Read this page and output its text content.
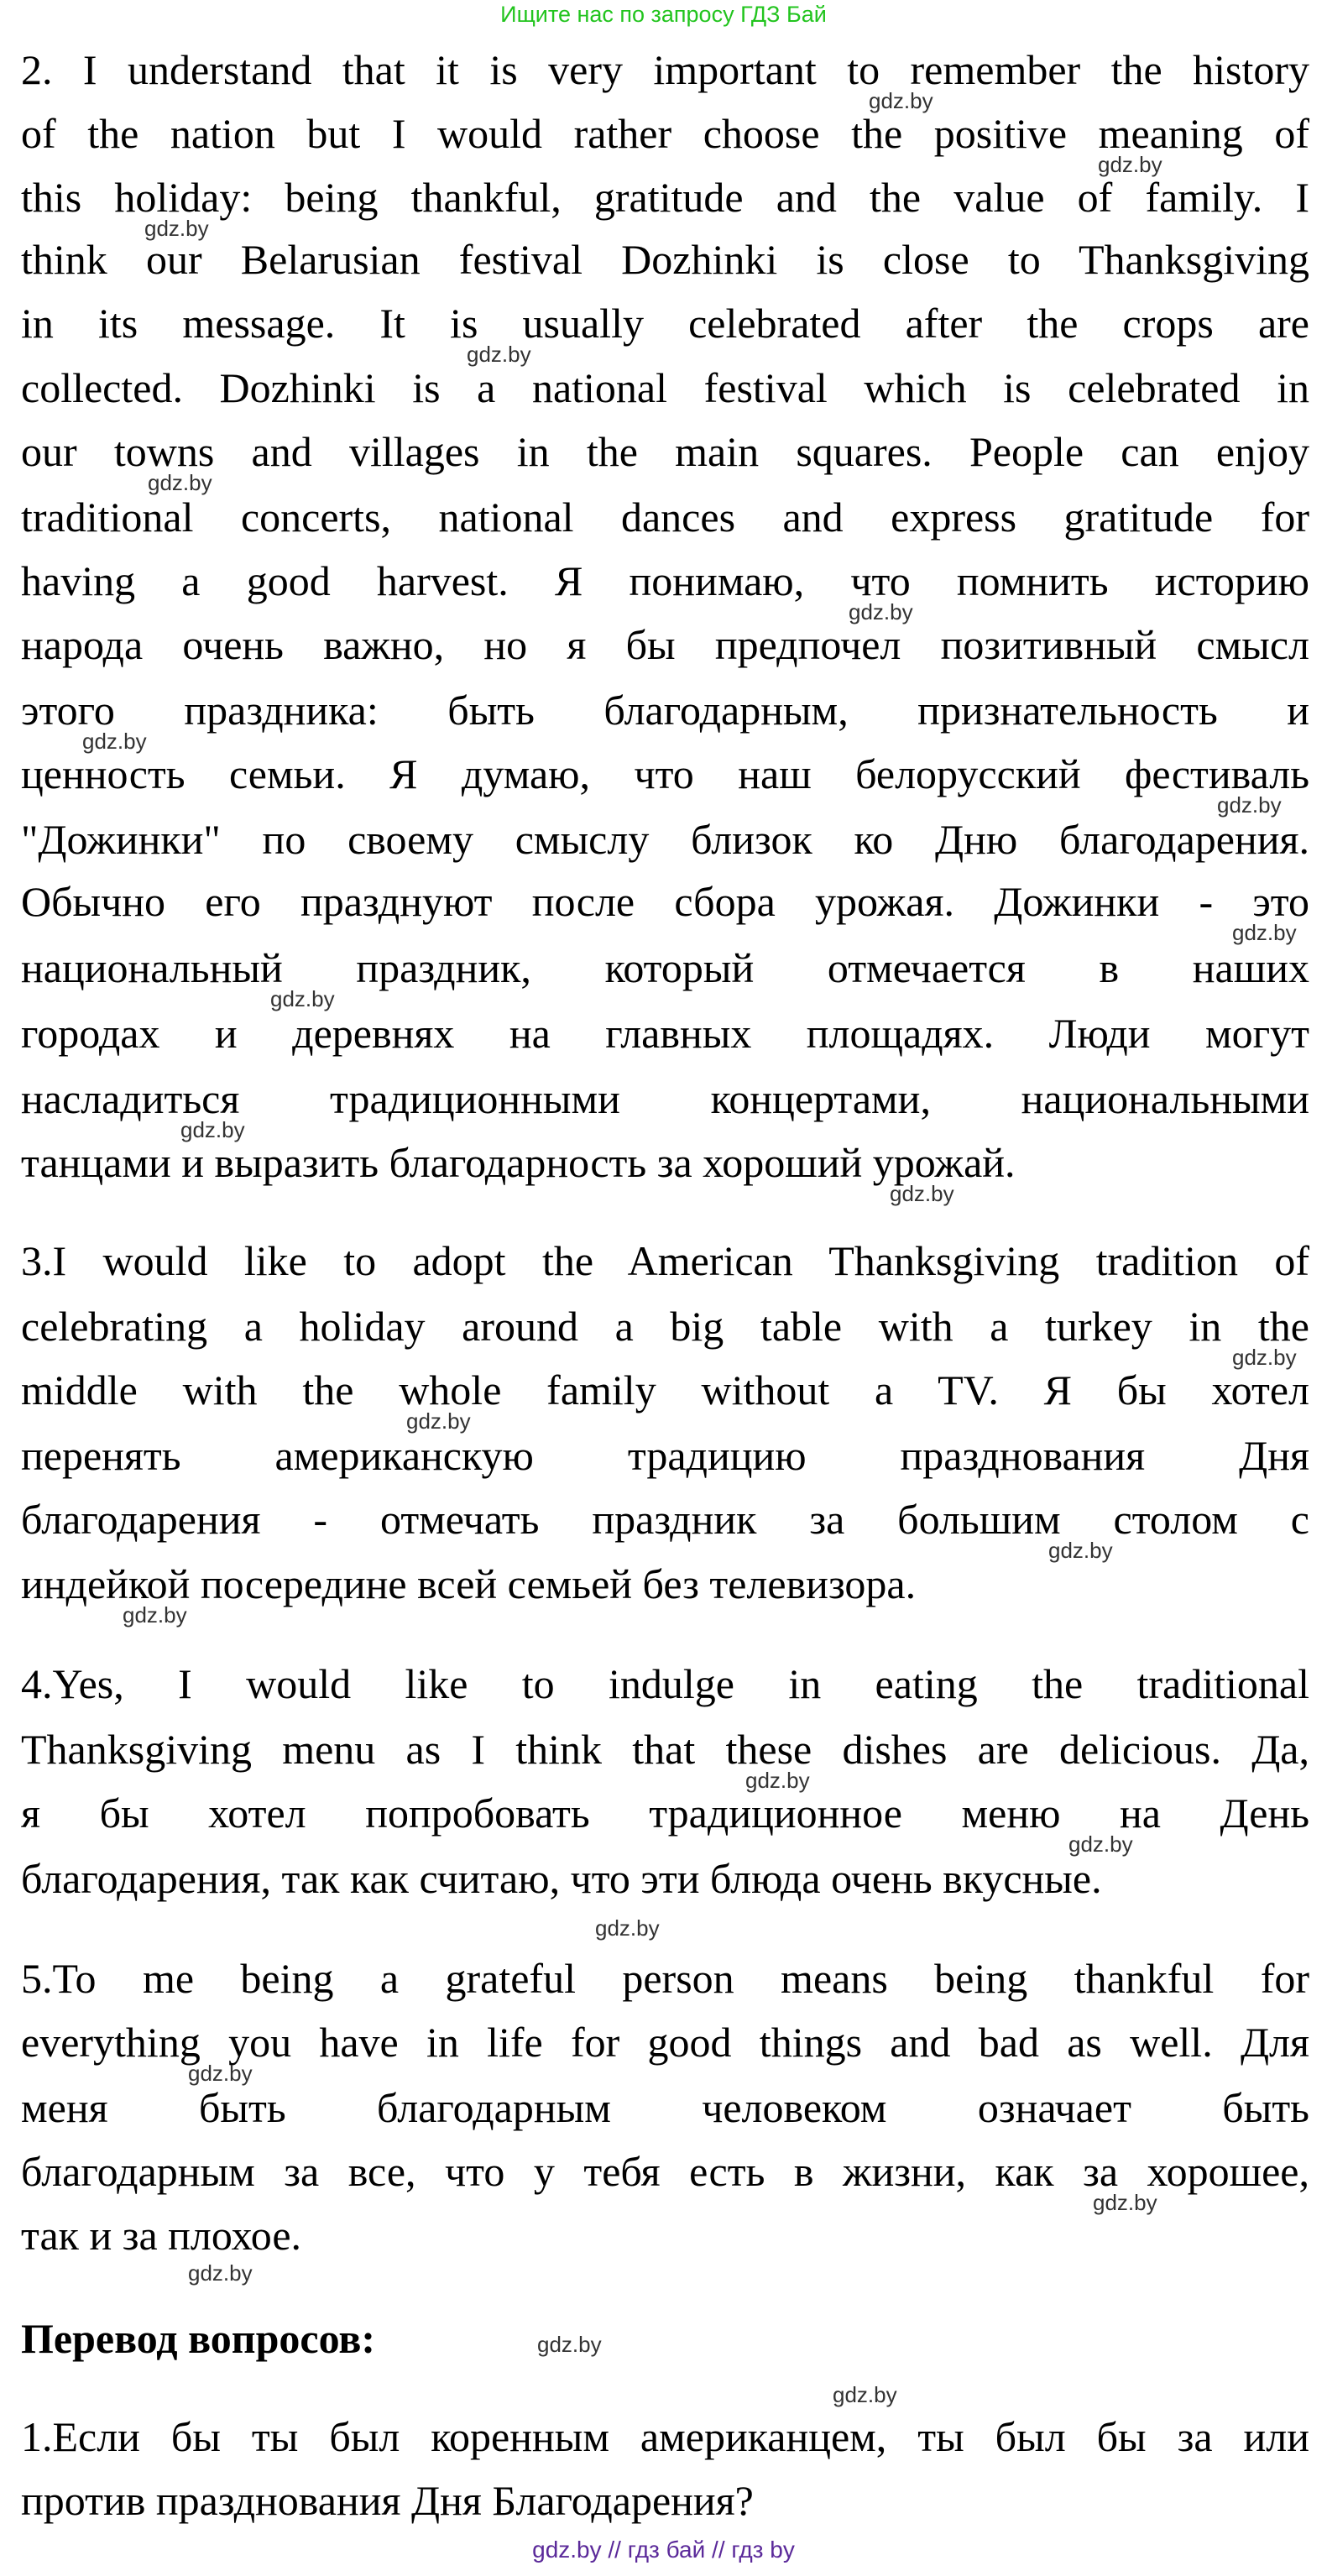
Ищите нас по запросу ГДЗ Бай
2. I understand that it is very important to remember the history
of the nation but I would rather choose the positive meaning of
this holiday: being thankful, gratitude and the value of family. I
think our Belarusian festival Dozhinki is close to Thanksgiving
in its message. It is usually celebrated after the crops are
collected. Dozhinki is a national festival which is celebrated in
our towns and villages in the main squares. People can enjoy
traditional concerts, national dances and express gratitude for
having a good harvest. Я понимаю, что помнить историю
народа очень важно, но я бы предпочел позитивный смысл
этого праздника: быть благодарным, признательность и
ценность семьи. Я думаю, что наш белорусский фестиваль
"Дожинки" по своему смыслу близок ко Дню благодарения.
Обычно его празднуют после сбора урожая. Дожинки - это
национальный праздник, который отмечается в наших
городах и деревнях на главных площадях. Люди могут
насладиться традиционными концертами, национальными
танцами и выразить благодарность за хороший урожай.
3.I would like to adopt the American Thanksgiving tradition of
celebrating a holiday around a big table with a turkey in the
middle with the whole family without a TV. Я бы хотел
перенять американскую традицию празднования Дня
благодарения - отмечать праздник за большим столом с
индейкой посередине всей семьей без телевизора.
4.Yes, I would like to indulge in eating the traditional
Thanksgiving menu as I think that these dishes are delicious. Да,
я бы хотел попробовать традиционное меню на День
благодарения, так как считаю, что эти блюда очень вкусные.
5.To me being a grateful person means being thankful for
everything you have in life for good things and bad as well. Для
меня быть благодарным человеком означает быть
благодарным за все, что у тебя есть в жизни, как за хорошее,
так и за плохое.
Перевод вопросов:
1.Если бы ты был коренным американцем, ты был бы за или
против празднования Дня Благодарения?
gdz.by
gdz.by
gdz.by
gdz.by
gdz.by
gdz.by
gdz.by
gdz.by
gdz.by
gdz.by
gdz.by
gdz.by
gdz.by
gdz.by
gdz.by
gdz.by
gdz.by
gdz.by
gdz.by
gdz.by
gdz.by
gdz.by
gdz.by
gdz.by
gdz.by // гдз бай // гдз by
